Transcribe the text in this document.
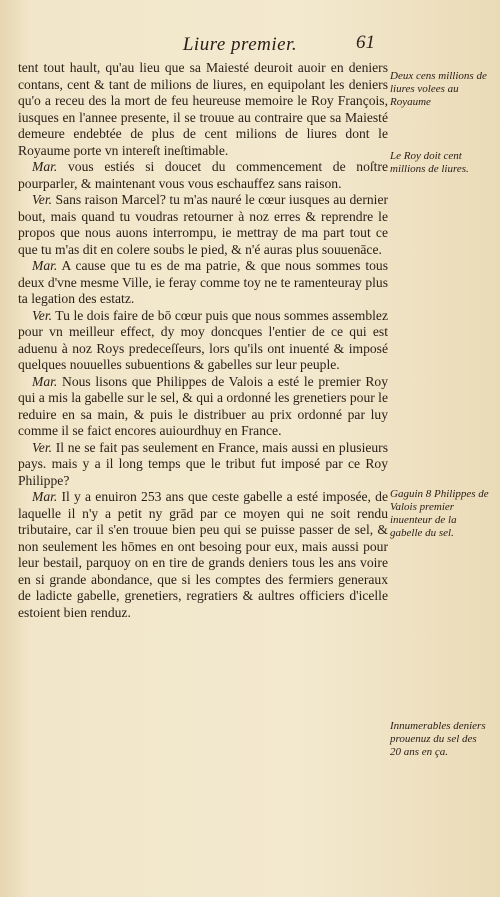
Liure premier.	61

tent tout hault, qu'au lieu que sa Maiesté deuroit auoir en deniers contans, cent & tant de milions de liures, en equipolant les deniers qu'o a receu des la mort de feu heureuse memoire le Roy François, iusques en l'annee presente, il se trouue au contraire que sa Maiesté demeure endebtée de plus de cent milions de liures dont le Royaume porte vn intereſt ineſtimable.

Mar. vous estiés si doucet du commencement de noſtre pourparler, & maintenant vous vous eschauffez sans raison.

Ver. Sans raison Marcel? tu m'as nauré le cœur iusques au dernier bout, mais quand tu voudras retourner à noz erres & reprendre le propos que nous auons interrompu, ie mettray de ma part tout ce que tu m'as dit en colere soubs le pied, & n'é auras plus souuenāce.

Mar. A cause que tu es de ma patrie, & que nous sommes tous deux d'vne mesme Ville, ie feray comme toy ne te ramenteuray plus ta legation des estatz.

Ver. Tu le dois faire de bō cœur puis que nous sommes assemblez pour vn meilleur effect, dy moy doncques l'entier de ce qui est aduenu à noz Roys predeceſſeurs, lors qu'ils ont inuenté & imposé quelques nouuelles subuentions & gabelles sur leur peuple.

Mar. Nous lisons que Philippes de Valois a esté le premier Roy qui a mis la gabelle sur le sel, & qui a ordonné les grenetiers pour le reduire en sa main, & puis le distribuer au prix ordonné par luy comme il se faict encores auiourdhuy en France.

Ver. Il ne se fait pas seulement en France, mais aussi en plusieurs pays. mais y a il long temps que le tribut fut imposé par ce Roy Philippe?

Mar. Il y a enuiron 253 ans que ceste gabelle a esté imposée, de laquelle il n'y a petit ny grād par ce moyen qui ne soit rendu tributaire, car il s'en trouue bien peu qui se puisse passer de sel, & non seulement les hōmes en ont besoing pour eux, mais aussi pour leur bestail, parquoy on en tire de grands deniers tous les ans voire en si grande abondance, que si les comptes des fermiers generaux de ladicte gabelle, grenetiers, regratiers & aultres officiers d'icelle estoient bien renduz.

Deux cens millions de liures volees au Royaume
Le Roy doit cent millions de liures.
Gaguin 8 Philippes de Valois premier inuenteur de la gabelle du sel.
Innumerables deniers prouenuz du sel des 20 ans en ça.
